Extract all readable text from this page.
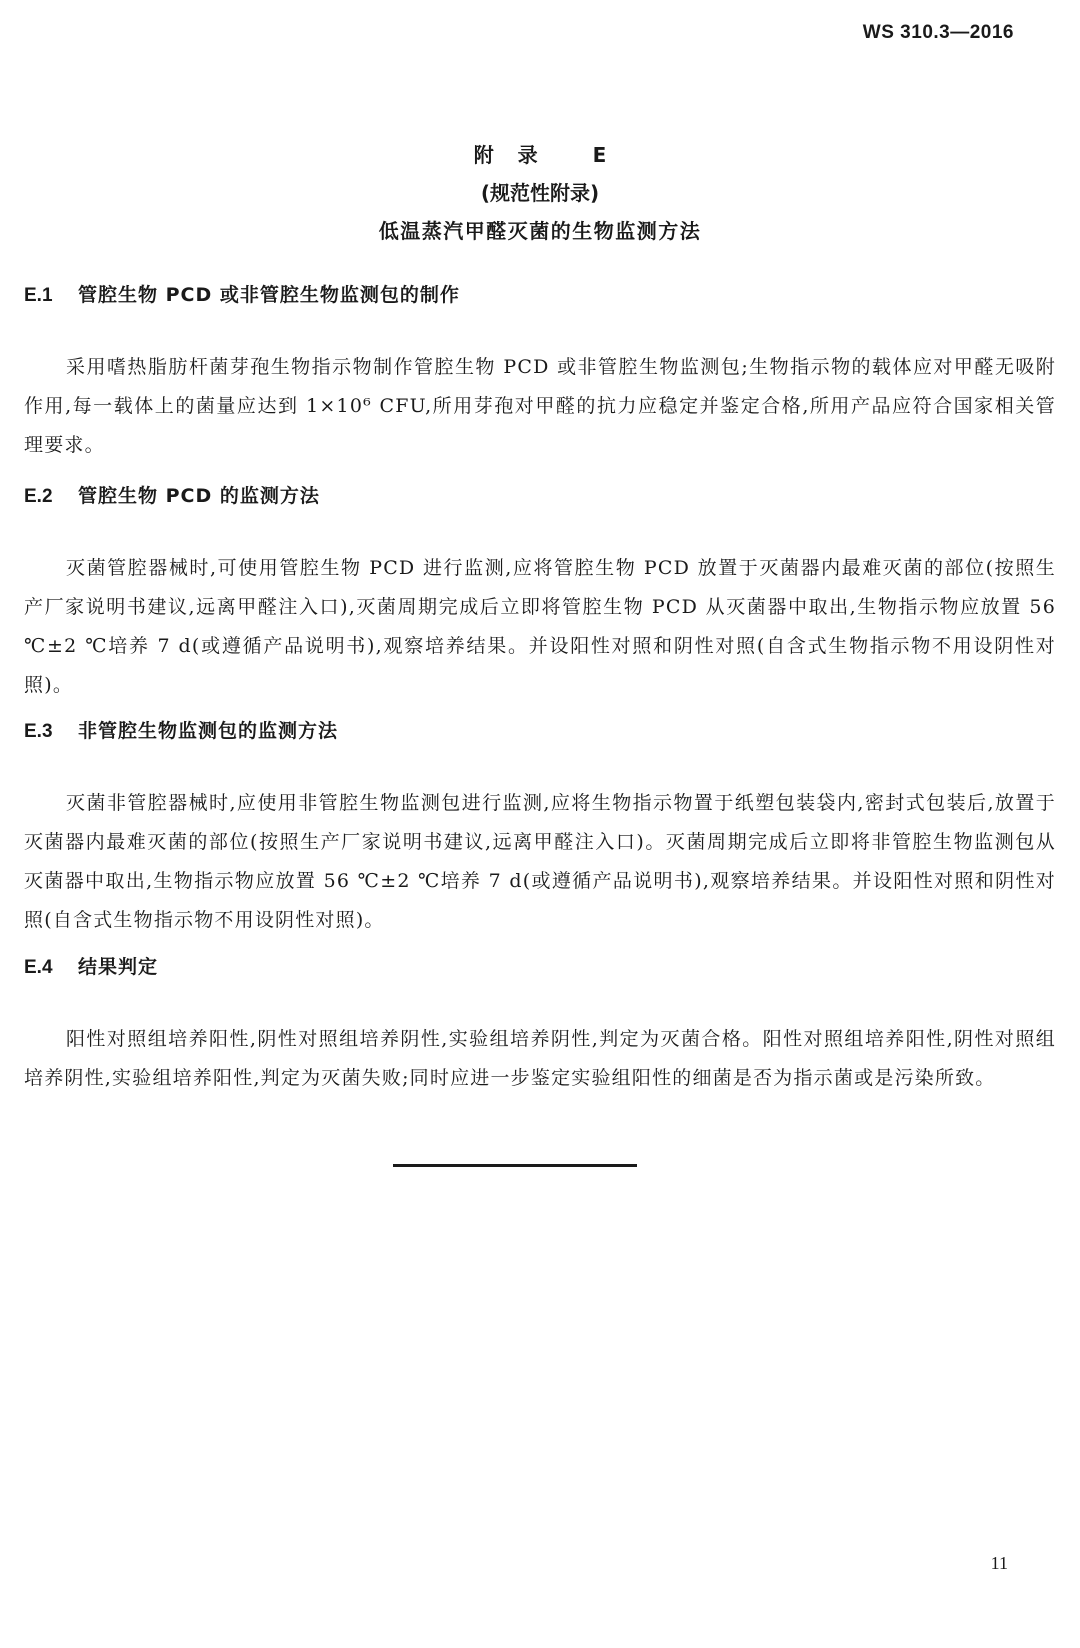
WS 310.3—2016
附录 E
(规范性附录)
低温蒸汽甲醛灭菌的生物监测方法
E.1 管腔生物 PCD 或非管腔生物监测包的制作
采用嗜热脂肪杆菌芽孢生物指示物制作管腔生物 PCD 或非管腔生物监测包;生物指示物的载体应对甲醛无吸附作用,每一载体上的菌量应达到 1×10⁶ CFU,所用芽孢对甲醛的抗力应稳定并鉴定合格,所用产品应符合国家相关管理要求。
E.2 管腔生物 PCD 的监测方法
灭菌管腔器械时,可使用管腔生物 PCD 进行监测,应将管腔生物 PCD 放置于灭菌器内最难灭菌的部位(按照生产厂家说明书建议,远离甲醛注入口),灭菌周期完成后立即将管腔生物 PCD 从灭菌器中取出,生物指示物应放置 56 ℃±2 ℃培养 7 d(或遵循产品说明书),观察培养结果。并设阳性对照和阴性对照(自含式生物指示物不用设阴性对照)。
E.3 非管腔生物监测包的监测方法
灭菌非管腔器械时,应使用非管腔生物监测包进行监测,应将生物指示物置于纸塑包装袋内,密封式包装后,放置于灭菌器内最难灭菌的部位(按照生产厂家说明书建议,远离甲醛注入口)。灭菌周期完成后立即将非管腔生物监测包从灭菌器中取出,生物指示物应放置 56 ℃±2 ℃培养 7 d(或遵循产品说明书),观察培养结果。并设阳性对照和阴性对照(自含式生物指示物不用设阴性对照)。
E.4 结果判定
阳性对照组培养阳性,阴性对照组培养阴性,实验组培养阴性,判定为灭菌合格。阳性对照组培养阳性,阴性对照组培养阴性,实验组培养阳性,判定为灭菌失败;同时应进一步鉴定实验组阳性的细菌是否为指示菌或是污染所致。
11
